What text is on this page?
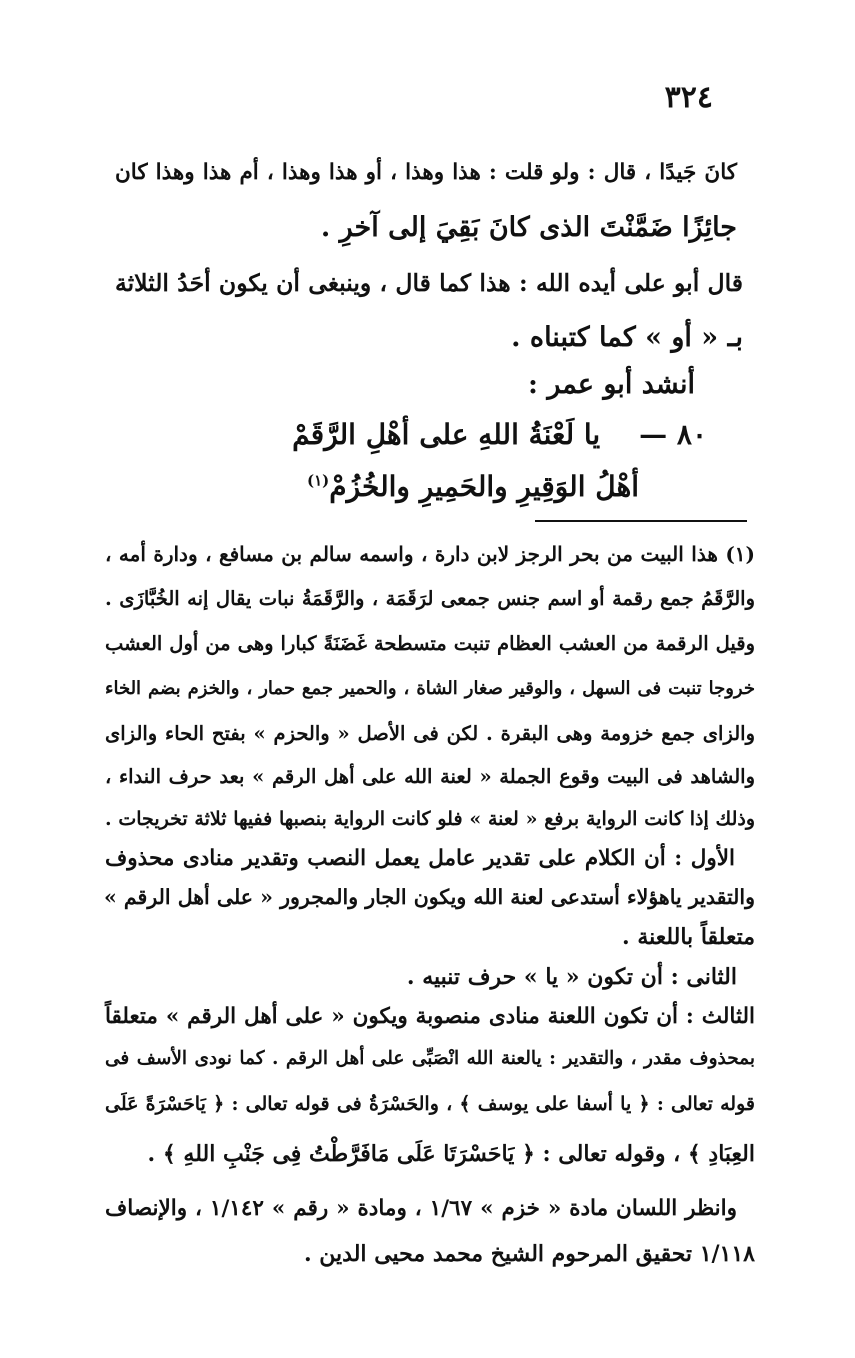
٣٢٤
كانَ جَيدًا ، قال : ولو قلت : هذا وهذا ، أو هذا وهذا ، أم هذا وهذا كان
جائِزًا ضَمَّنْتَ الذى كانَ بَقِيَ إلى آخرِ .
قال أبو على أيده الله : هذا كما قال ، وينبغى أن يكون أحَدُ الثلاثة
بـ « أو » كما كتبناه .
أنشد أبو عمر :
٨٠ —    يا لَعْنَةُ اللهِ على أهْلِ الرَّقَمْ
أهْلُ الوَقِيرِ والحَمِيرِ والخُزُمْ$^{(١)}$
(١) هذا البيت من بحر الرجز لابن دارة ، واسمه سالم بن مسافع ، ودارة أمه ،
والرَّقَمُ جمع رقمة أو اسم جنس جمعى لرَقَمَة ، والرَّقَمَةُ نبات يقال إنه الخُبَّازَى .
وقيل الرقمة من العشب العظام تنبت متسطحة غَضَنَةً كبارا وهى من أول العشب
خروجا تنبت فى السهل ، والوقير صغار الشاة ، والحمير جمع حمار ، والخزم بضم الخاء
والزاى جمع خزومة وهى البقرة . لكن فى الأصل « والحزم » بفتح الحاء والزاى
والشاهد فى البيت وقوع الجملة « لعنة الله على أهل الرقم » بعد حرف النداء ،
وذلك إذا كانت الرواية برفع « لعنة » فلو كانت الرواية بنصبها ففيها ثلاثة تخريجات .
الأول : أن الكلام على تقدير عامل يعمل النصب وتقدير منادى محذوف
والتقدير ياهؤلاء أستدعى لعنة الله ويكون الجار والمجرور « على أهل الرقم »
متعلقاً باللعنة .
الثانى : أن تكون « يا » حرف تنبيه .
الثالث : أن تكون اللعنة منادى منصوبة ويكون « على أهل الرقم » متعلقاً
بمحذوف مقدر ، والتقدير : يالعنة الله انْصَبِّى على أهل الرقم . كما نودى الأسف فى
قوله تعالى : ﴿ يا أسفا على يوسف ﴾ ، والحَسْرَةُ فى قوله تعالى : ﴿ يَاحَسْرَةً عَلَى
العِبَادِ ﴾ ، وقوله تعالى : ﴿ يَاحَسْرَتَا عَلَى مَافَرَّطْتُ فِى جَنْبِ اللهِ ﴾ .
وانظر اللسان مادة « خزم » ١/٦٧ ، ومادة « رقم » ١/١٤٢ ، والإنصاف
١/١١٨ تحقيق المرحوم الشيخ محمد محيى الدين .
